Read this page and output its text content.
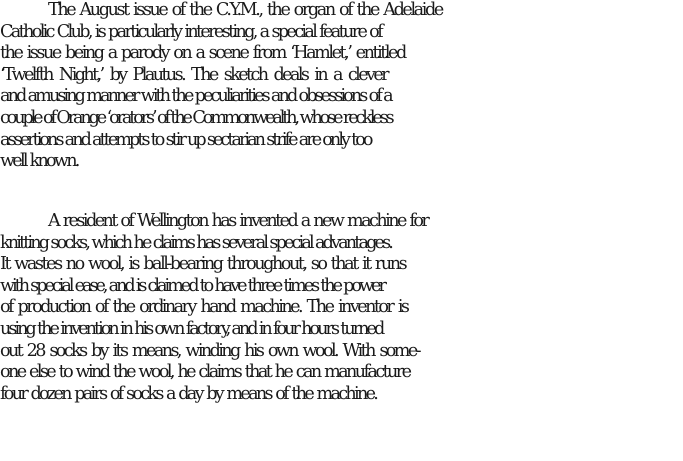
The August issue of the C.Y.M., the organ of the Adelaide
Catholic Club, is particularly interesting, a special feature of
the issue being a parody on a scene from ‘Hamlet,’ entitled
‘Twelfth Night,’ by Plautus. The sketch deals in a clever
and amusing manner with the peculiarities and obsessions of a
couple of Orange ‘orators’ of the Commonwealth, whose reckless
assertions and attempts to stir up sectarian strife are only too
well known.
A resident of Wellington has invented a new machine for
knitting socks, which he claims has several special advantages.
It wastes no wool, is ball-bearing throughout, so that it runs
with special ease, and is claimed to have three times the power
of production of the ordinary hand machine. The inventor is
using the invention in his own factory, and in four hours turned
out 28 socks by its means, winding his own wool. With some-
one else to wind the wool, he claims that he can manufacture
four dozen pairs of socks a day by means of the machine.
